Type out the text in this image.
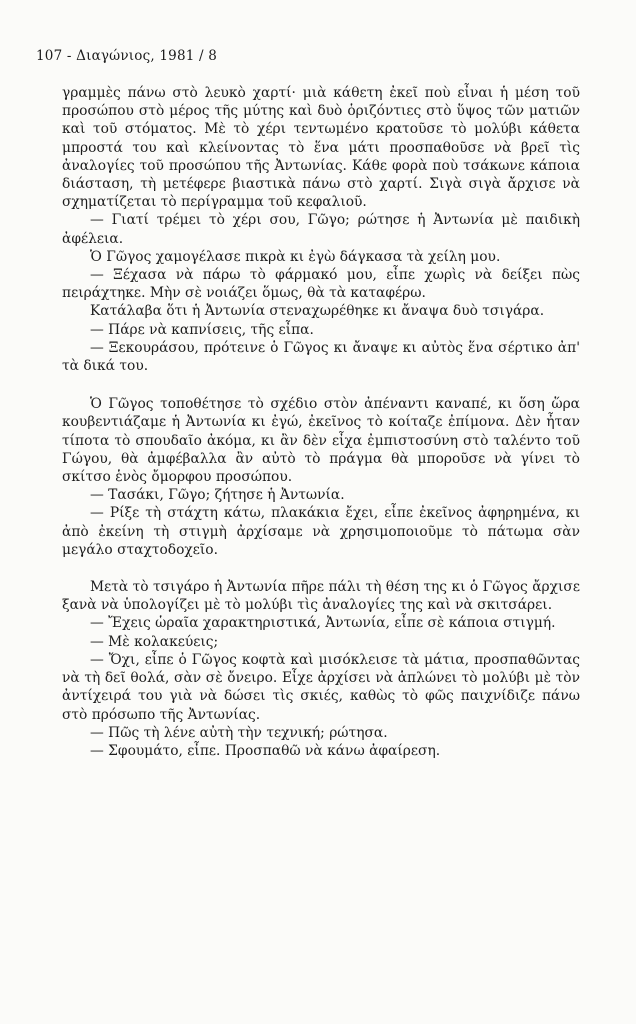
107 - Διαγώνιος, 1981 / 8

γραμμὲς πάνω στὸ λευκὸ χαρτί· μιὰ κάθετη ἐκεῖ ποὺ εἶναι ἡ μέση τοῦ προσώπου στὸ μέρος τῆς μύτης καὶ δυὸ ὁριζόντιες στὸ ὕψος τῶν ματιῶν καὶ τοῦ στόματος. Μὲ τὸ χέρι τεντωμένο κρατοῦσε τὸ μολύβι κάθετα μπροστά του καὶ κλείνοντας τὸ ἕνα μάτι προσπαθοῦσε νὰ βρεῖ τὶς ἀναλογίες τοῦ προσώπου τῆς Ἀντωνίας. Κάθε φορὰ ποὺ τσάκωνε κάποια διάσταση, τὴ μετέφερε βιαστικὰ πάνω στὸ χαρτί. Σιγὰ σιγὰ ἄρχισε νὰ σχηματίζεται τὸ περίγραμμα τοῦ κεφαλιοῦ.

— Γιατί τρέμει τὸ χέρι σου, Γῶγο; ρώτησε ἡ Ἀντωνία μὲ παιδικὴ ἀφέλεια.

Ὁ Γῶγος χαμογέλασε πικρὰ κι ἐγὼ δάγκασα τὰ χείλη μου.

— Ξέχασα νὰ πάρω τὸ φάρμακό μου, εἶπε χωρὶς νὰ δείξει πὼς πειράχτηκε. Μὴν σὲ νοιάζει ὅμως, θὰ τὰ καταφέρω.

Κατάλαβα ὅτι ἡ Ἀντωνία στεναχωρέθηκε κι ἄναψα δυὸ τσιγάρα.

— Πάρε νὰ καπνίσεις, τῆς εἶπα.

— Ξεκουράσου, πρότεινε ὁ Γῶγος κι ἄναψε κι αὐτὸς ἕνα σέρτικο ἀπ' τὰ δικά του.

Ὁ Γῶγος τοποθέτησε τὸ σχέδιο στὸν ἀπέναντι καναπέ, κι ὅση ὥρα κουβεντιάζαμε ἡ Ἀντωνία κι ἐγώ, ἐκεῖνος τὸ κοίταζε ἐπίμονα. Δὲν ἦταν τίποτα τὸ σπουδαῖο ἀκόμα, κι ἂν δὲν εἶχα ἐμπιστοσύνη στὸ ταλέντο τοῦ Γώγου, θὰ ἀμφέβαλλα ἂν αὐτὸ τὸ πράγμα θὰ μποροῦσε νὰ γίνει τὸ σκίτσο ἑνὸς ὄμορφου προσώπου.

— Τασάκι, Γῶγο; ζήτησε ἡ Ἀντωνία.

— Ρίξε τὴ στάχτη κάτω, πλακάκια ἔχει, εἶπε ἐκεῖνος ἀφηρημένα, κι ἀπὸ ἐκείνη τὴ στιγμὴ ἀρχίσαμε νὰ χρησιμοποιοῦμε τὸ πάτωμα σὰν μεγάλο σταχτοδοχεῖο.

Μετὰ τὸ τσιγάρο ἡ Ἀντωνία πῆρε πάλι τὴ θέση της κι ὁ Γῶγος ἄρχισε ξανὰ νὰ ὑπολογίζει μὲ τὸ μολύβι τὶς ἀναλογίες της καὶ νὰ σκιτσάρει.

— Ἔχεις ὡραῖα χαρακτηριστικά, Ἀντωνία, εἶπε σὲ κάποια στιγμή.

— Μὲ κολακεύεις;

— Ὄχι, εἶπε ὁ Γῶγος κοφτὰ καὶ μισόκλεισε τὰ μάτια, προσπαθῶντας νὰ τὴ δεῖ θολά, σὰν σὲ ὄνειρο. Εἶχε ἀρχίσει νὰ ἁπλώνει τὸ μολύβι μὲ τὸν ἀντίχειρά του γιὰ νὰ δώσει τὶς σκιές, καθὼς τὸ φῶς παιχνίδιζε πάνω στὸ πρόσωπο τῆς Ἀντωνίας.

— Πῶς τὴ λένε αὐτὴ τὴν τεχνική; ρώτησα.

— Σφουμάτο, εἶπε. Προσπαθῶ νὰ κάνω ἀφαίρεση.
